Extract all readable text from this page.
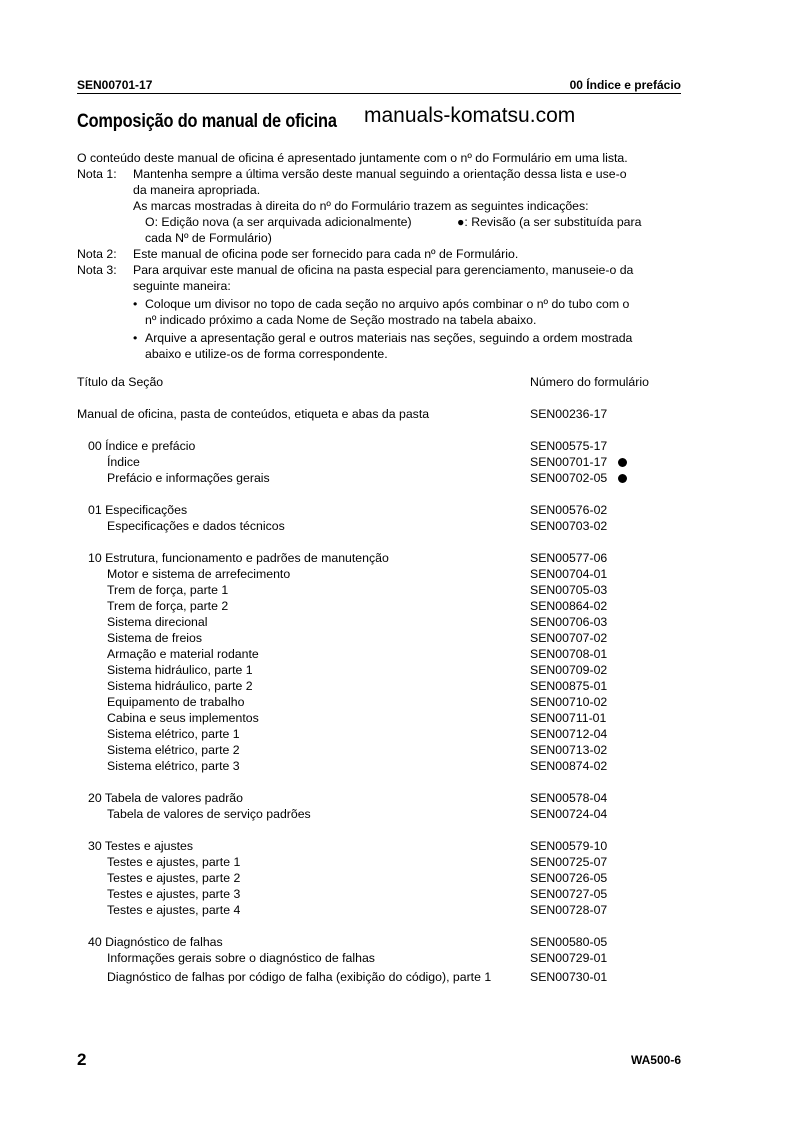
SEN00701-17	00 Índice e prefácio
Composição do manual de oficina manuals-komatsu.com
O conteúdo deste manual de oficina é apresentado juntamente com o nº do Formulário em uma lista.
Nota 1: Mantenha sempre a última versão deste manual seguindo a orientação dessa lista e use-o
da maneira apropriada.
As marcas mostradas à direita do nº do Formulário trazem as seguintes indicações:
O: Edição nova (a ser arquivada adicionalmente)	●: Revisão (a ser substituída para
cada Nº de Formulário)
Nota 2: Este manual de oficina pode ser fornecido para cada nº de Formulário.
Nota 3: Para arquivar este manual de oficina na pasta especial para gerenciamento, manuseie-o da
seguinte maneira:
• Coloque um divisor no topo de cada seção no arquivo após combinar o nº do tubo com o
nº indicado próximo a cada Nome de Seção mostrado na tabela abaixo.
• Arquive a apresentação geral e outros materiais nas seções, seguindo a ordem mostrada
abaixo e utilize-os de forma correspondente.
Título da Seção	Número do formulário
Manual de oficina, pasta de conteúdos, etiqueta e abas da pasta	SEN00236-17
00 Índice e prefácio	SEN00575-17
Índice	SEN00701-17
Prefácio e informações gerais	SEN00702-05
01 Especificações	SEN00576-02
Especificações e dados técnicos	SEN00703-02
10 Estrutura, funcionamento e padrões de manutenção	SEN00577-06
Motor e sistema de arrefecimento	SEN00704-01
Trem de força, parte 1	SEN00705-03
Trem de força, parte 2	SEN00864-02
Sistema direcional	SEN00706-03
Sistema de freios	SEN00707-02
Armação e material rodante	SEN00708-01
Sistema hidráulico, parte 1	SEN00709-02
Sistema hidráulico, parte 2	SEN00875-01
Equipamento de trabalho	SEN00710-02
Cabina e seus implementos	SEN00711-01
Sistema elétrico, parte 1	SEN00712-04
Sistema elétrico, parte 2	SEN00713-02
Sistema elétrico, parte 3	SEN00874-02
20 Tabela de valores padrão	SEN00578-04
Tabela de valores de serviço padrões	SEN00724-04
30 Testes e ajustes	SEN00579-10
Testes e ajustes, parte 1	SEN00725-07
Testes e ajustes, parte 2	SEN00726-05
Testes e ajustes, parte 3	SEN00727-05
Testes e ajustes, parte 4	SEN00728-07
40 Diagnóstico de falhas	SEN00580-05
Informações gerais sobre o diagnóstico de falhas	SEN00729-01
Diagnóstico de falhas por código de falha (exibição do código), parte 1	SEN00730-01
2	WA500-6
